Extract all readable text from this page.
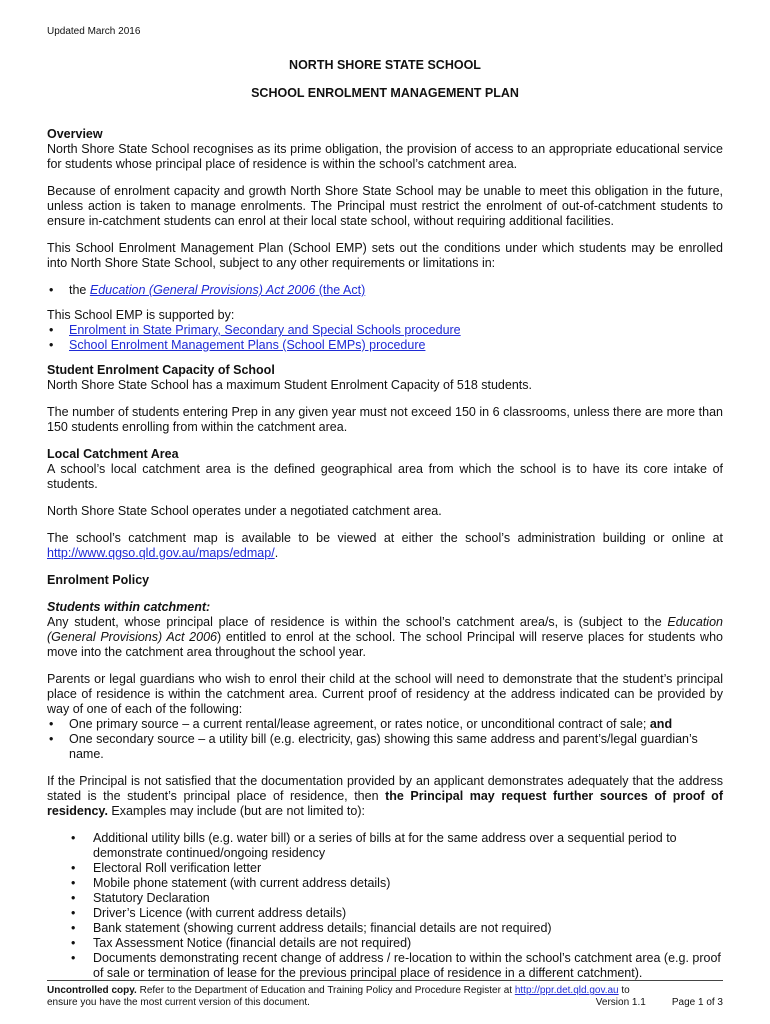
Updated March 2016
NORTH SHORE STATE SCHOOL
SCHOOL ENROLMENT MANAGEMENT PLAN
Overview

North Shore State School recognises as its prime obligation, the provision of access to an appropriate educational service for students whose principal place of residence is within the school’s catchment area.

Because of enrolment capacity and growth North Shore State School may be unable to meet this obligation in the future, unless action is taken to manage enrolments. The Principal must restrict the enrolment of out-of-catchment students to ensure in-catchment students can enrol at their local state school, without requiring additional facilities.

This School Enrolment Management Plan (School EMP) sets out the conditions under which students may be enrolled into North Shore State School, subject to any other requirements or limitations in:

• the Education (General Provisions) Act 2006 (the Act)
This School EMP is supported by:
• Enrolment in State Primary, Secondary and Special Schools procedure
• School Enrolment Management Plans (School EMPs) procedure
Student Enrolment Capacity of School

North Shore State School has a maximum Student Enrolment Capacity of 518 students.

The number of students entering Prep in any given year must not exceed 150 in 6 classrooms, unless there are more than 150 students enrolling from within the catchment area.

Local Catchment Area

A school’s local catchment area is the defined geographical area from which the school is to have its core intake of students.

North Shore State School operates under a negotiated catchment area.

The school’s catchment map is available to be viewed at either the school’s administration building or online at http://www.qgso.qld.gov.au/maps/edmap/.

Enrolment Policy

Students within catchment:

Any student, whose principal place of residence is within the school’s catchment area/s, is (subject to the Education (General Provisions) Act 2006) entitled to enrol at the school. The school Principal will reserve places for students who move into the catchment area throughout the school year.

Parents or legal guardians who wish to enrol their child at the school will need to demonstrate that the student’s principal place of residence is within the catchment area. Current proof of residency at the address indicated can be provided by way of one of each of the following:
• One primary source – a current rental/lease agreement, or rates notice, or unconditional contract of sale; and
• One secondary source – a utility bill (e.g. electricity, gas) showing this same address and parent’s/legal guardian’s name.

If the Principal is not satisfied that the documentation provided by an applicant demonstrates adequately that the address stated is the student’s principal place of residence, then the Principal may request further sources of proof of residency. Examples may include (but are not limited to):

• Additional utility bills (e.g. water bill) or a series of bills at for the same address over a sequential period to demonstrate continued/ongoing residency
• Electoral Roll verification letter
• Mobile phone statement (with current address details)
• Statutory Declaration
• Driver’s Licence (with current address details)
• Bank statement (showing current address details; financial details are not required)
• Tax Assessment Notice (financial details are not required)
• Documents demonstrating recent change of address / re-location to within the school’s catchment area (e.g. proof of sale or termination of lease for the previous principal place of residence in a different catchment).
Uncontrolled copy. Refer to the Department of Education and Training Policy and Procedure Register at http://ppr.det.qld.gov.au to
ensure you have the most current version of this document.	Version 1.1	Page 1 of 3
